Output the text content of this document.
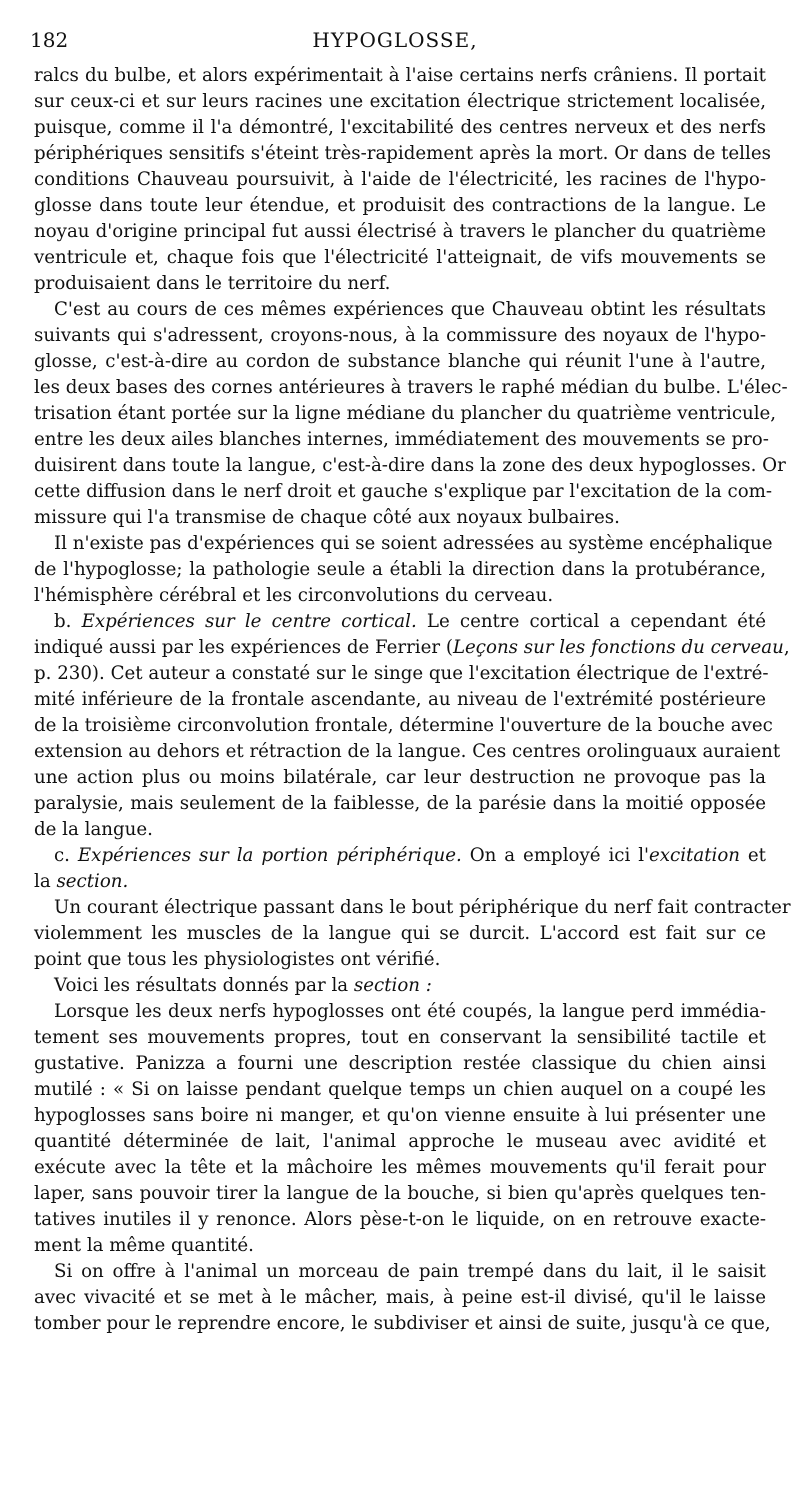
182	HYPOGLOSSE,
ralcs du bulbe, et alors expérimentait à l'aise certains nerfs crâniens. Il portait
sur ceux-ci et sur leurs racines une excitation électrique strictement localisée,
puisque, comme il l'a démontré, l'excitabilité des centres nerveux et des nerfs
périphériques sensitifs s'éteint très-rapidement après la mort. Or dans de telles
conditions Chauveau poursuivit, à l'aide de l'électricité, les racines de l'hypo-
glosse dans toute leur étendue, et produisit des contractions de la langue. Le
noyau d'origine principal fut aussi électrisé à travers le plancher du quatrième
ventricule et, chaque fois que l'électricité l'atteignait, de vifs mouvements se
produisaient dans le territoire du nerf.
C'est au cours de ces mêmes expériences que Chauveau obtint les résultats
suivants qui s'adressent, croyons-nous, à la commissure des noyaux de l'hypo-
glosse, c'est-à-dire au cordon de substance blanche qui réunit l'une à l'autre,
les deux bases des cornes antérieures à travers le raphé médian du bulbe. L'élec-
trisation étant portée sur la ligne médiane du plancher du quatrième ventricule,
entre les deux ailes blanches internes, immédiatement des mouvements se pro-
duisirent dans toute la langue, c'est-à-dire dans la zone des deux hypoglosses. Or
cette diffusion dans le nerf droit et gauche s'explique par l'excitation de la com-
missure qui l'a transmise de chaque côté aux noyaux bulbaires.
Il n'existe pas d'expériences qui se soient adressées au système encéphalique
de l'hypoglosse; la pathologie seule a établi la direction dans la protubérance,
l'hémisphère cérébral et les circonvolutions du cerveau.
b. Expériences sur le centre cortical. Le centre cortical a cependant été
indiqué aussi par les expériences de Ferrier (Leçons sur les fonctions du cerveau,
p. 230). Cet auteur a constaté sur le singe que l'excitation électrique de l'extré-
mité inférieure de la frontale ascendante, au niveau de l'extrémité postérieure
de la troisième circonvolution frontale, détermine l'ouverture de la bouche avec
extension au dehors et rétraction de la langue. Ces centres orolinguaux auraient
une action plus ou moins bilatérale, car leur destruction ne provoque pas la
paralysie, mais seulement de la faiblesse, de la parésie dans la moitié opposée
de la langue.
c. Expériences sur la portion périphérique. On a employé ici l'excitation et
la section.
Un courant électrique passant dans le bout périphérique du nerf fait contracter
violemment les muscles de la langue qui se durcit. L'accord est fait sur ce
point que tous les physiologistes ont vérifié.
Voici les résultats donnés par la section :
Lorsque les deux nerfs hypoglosses ont été coupés, la langue perd immédia-
tement ses mouvements propres, tout en conservant la sensibilité tactile et
gustative. Panizza a fourni une description restée classique du chien ainsi
mutilé : « Si on laisse pendant quelque temps un chien auquel on a coupé les
hypoglosses sans boire ni manger, et qu'on vienne ensuite à lui présenter une
quantité déterminée de lait, l'animal approche le museau avec avidité et
exécute avec la tête et la mâchoire les mêmes mouvements qu'il ferait pour
laper, sans pouvoir tirer la langue de la bouche, si bien qu'après quelques ten-
tatives inutiles il y renonce. Alors pèse-t-on le liquide, on en retrouve exacte-
ment la même quantité.
Si on offre à l'animal un morceau de pain trempé dans du lait, il le saisit
avec vivacité et se met à le mâcher, mais, à peine est-il divisé, qu'il le laisse
tomber pour le reprendre encore, le subdiviser et ainsi de suite, jusqu'à ce que,
